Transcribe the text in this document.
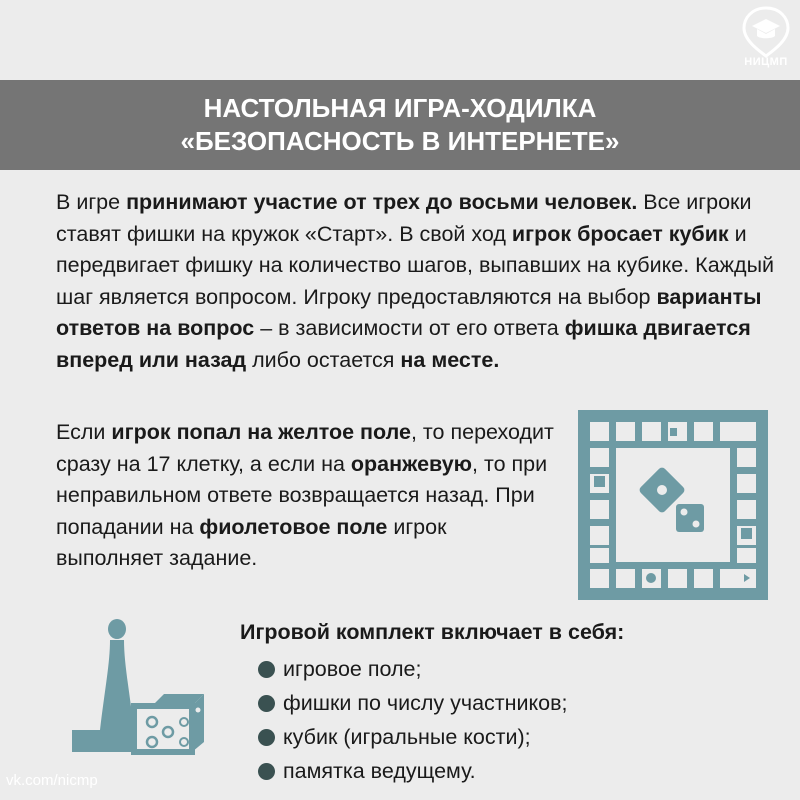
НИЦМП
НАСТОЛЬНАЯ ИГРА-ХОДИЛКА
«БЕЗОПАСНОСТЬ В ИНТЕРНЕТЕ»

В игре принимают участие от трех до восьми человек. Все игроки ставят фишки на кружок «Старт». В свой ход игрок бросает кубик и передвигает фишку на количество шагов, выпавших на кубике. Каждый шаг является вопросом. Игроку предоставляются на выбор варианты ответов на вопрос – в зависимости от его ответа фишка двигается вперед или назад либо остается на месте.

Если игрок попал на желтое поле, то переходит сразу на 17 клетку, а если на оранжевую, то при неправильном ответе возвращается назад. При попадании на фиолетовое поле игрок выполняет задание.

Игровой комплект включает в себя:
игровое поле;
фишки по числу участников;
кубик (игральные кости);
памятка ведущему.
vk.com/nicmp
